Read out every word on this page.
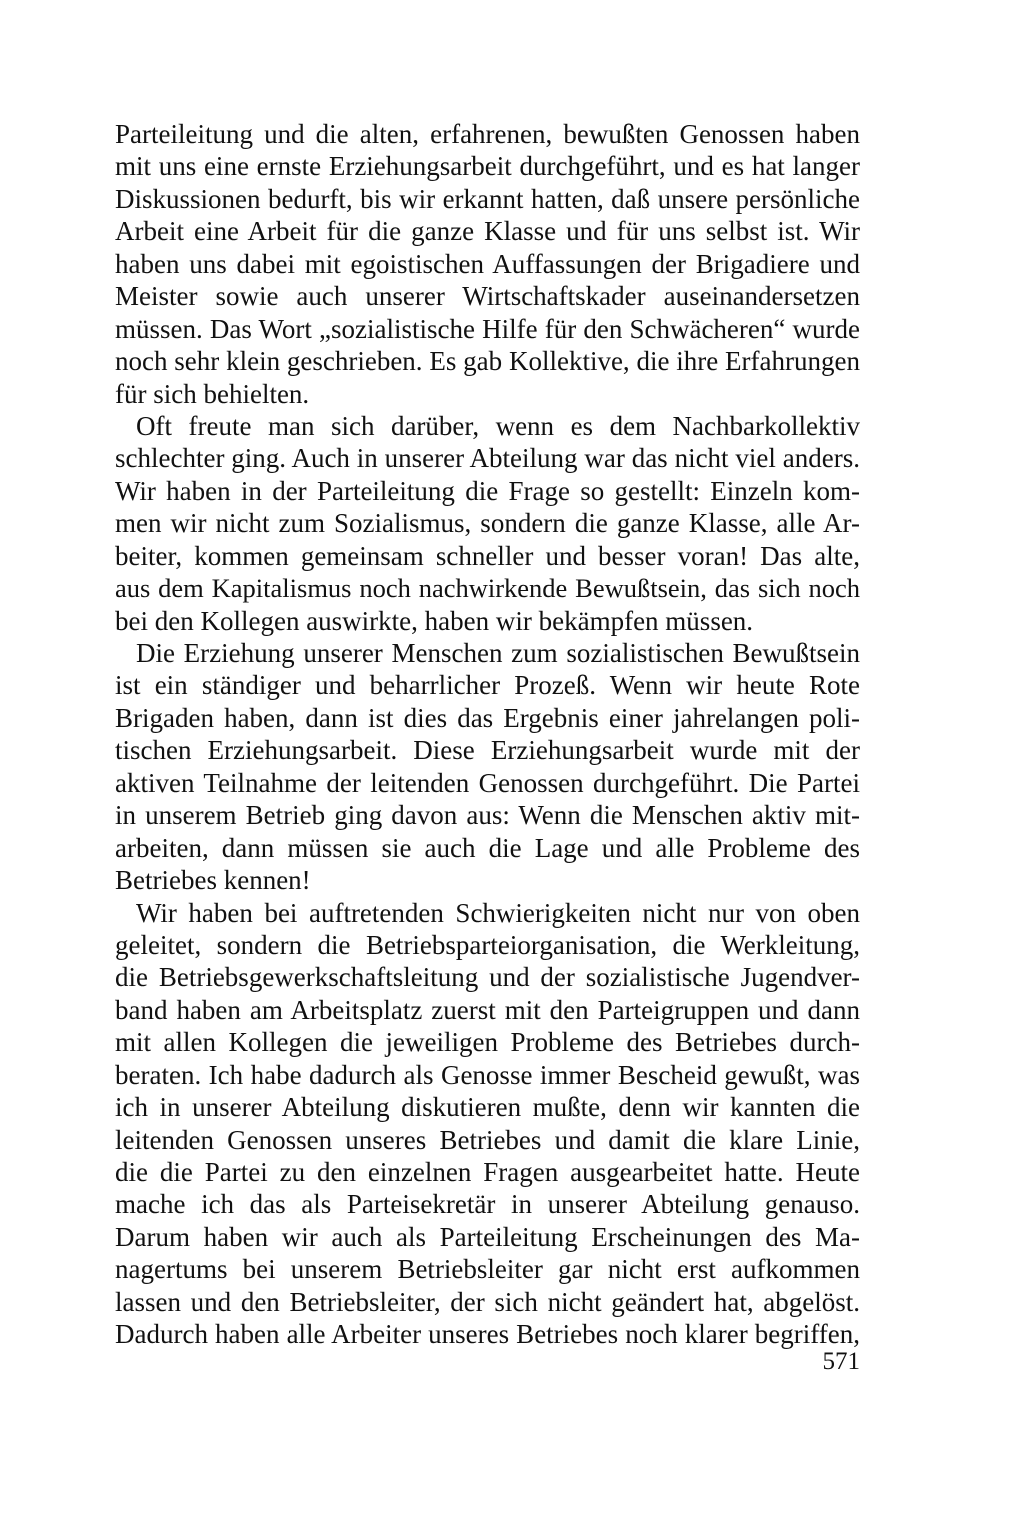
Parteileitung und die alten, erfahrenen, bewußten Genossen haben
mit uns eine ernste Erziehungsarbeit durchgeführt, und es hat langer
Diskussionen bedurft, bis wir erkannt hatten, daß unsere persönliche
Arbeit eine Arbeit für die ganze Klasse und für uns selbst ist. Wir
haben uns dabei mit egoistischen Auffassungen der Brigadiere und
Meister sowie auch unserer Wirtschaftskader auseinandersetzen
müssen. Das Wort „sozialistische Hilfe für den Schwächeren“ wurde
noch sehr klein geschrieben. Es gab Kollektive, die ihre Erfahrungen
für sich behielten.
Oft freute man sich darüber, wenn es dem Nachbarkollektiv
schlechter ging. Auch in unserer Abteilung war das nicht viel anders.
Wir haben in der Parteileitung die Frage so gestellt: Einzeln kom-
men wir nicht zum Sozialismus, sondern die ganze Klasse, alle Ar-
beiter, kommen gemeinsam schneller und besser voran! Das alte,
aus dem Kapitalismus noch nachwirkende Bewußtsein, das sich noch
bei den Kollegen auswirkte, haben wir bekämpfen müssen.
Die Erziehung unserer Menschen zum sozialistischen Bewußtsein
ist ein ständiger und beharrlicher Prozeß. Wenn wir heute Rote
Brigaden haben, dann ist dies das Ergebnis einer jahrelangen poli-
tischen Erziehungsarbeit. Diese Erziehungsarbeit wurde mit der
aktiven Teilnahme der leitenden Genossen durchgeführt. Die Partei
in unserem Betrieb ging davon aus: Wenn die Menschen aktiv mit-
arbeiten, dann müssen sie auch die Lage und alle Probleme des
Betriebes kennen!
Wir haben bei auftretenden Schwierigkeiten nicht nur von oben
geleitet, sondern die Betriebsparteiorganisation, die Werkleitung,
die Betriebsgewerkschaftsleitung und der sozialistische Jugendver-
band haben am Arbeitsplatz zuerst mit den Parteigruppen und dann
mit allen Kollegen die jeweiligen Probleme des Betriebes durch-
beraten. Ich habe dadurch als Genosse immer Bescheid gewußt, was
ich in unserer Abteilung diskutieren mußte, denn wir kannten die
leitenden Genossen unseres Betriebes und damit die klare Linie,
die die Partei zu den einzelnen Fragen ausgearbeitet hatte. Heute
mache ich das als Parteisekretär in unserer Abteilung genauso.
Darum haben wir auch als Parteileitung Erscheinungen des Ma-
nagertums bei unserem Betriebsleiter gar nicht erst aufkommen
lassen und den Betriebsleiter, der sich nicht geändert hat, abgelöst.
Dadurch haben alle Arbeiter unseres Betriebes noch klarer begriffen,
571
